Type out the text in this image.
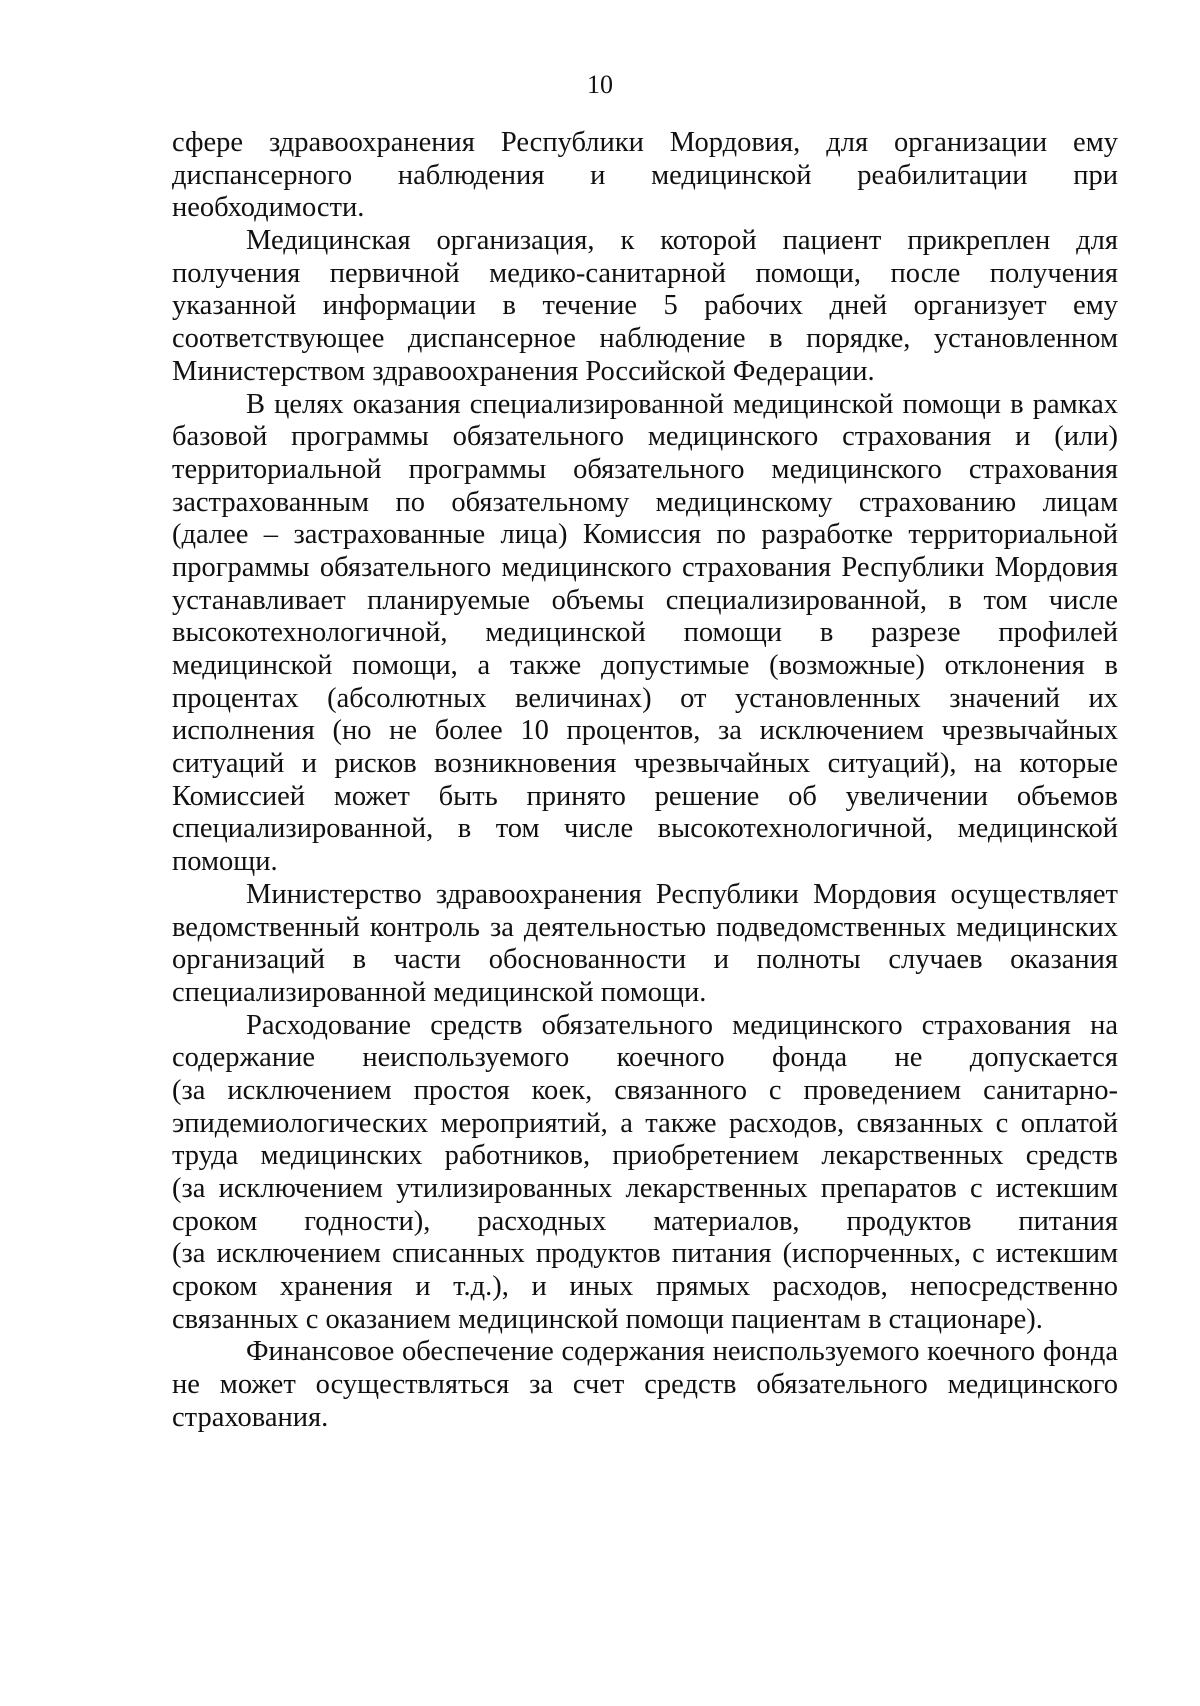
10
сфере здравоохранения Республики Мордовия, для организации ему
диспансерного наблюдения и медицинской реабилитации при
необходимости.
Медицинская организация, к которой пациент прикреплен для
получения первичной медико-санитарной помощи, после получения
указанной информации в течение 5 рабочих дней организует ему
соответствующее диспансерное наблюдение в порядке, установленном
Министерством здравоохранения Российской Федерации.
В целях оказания специализированной медицинской помощи в рамках
базовой программы обязательного медицинского страхования и (или)
территориальной программы обязательного медицинского страхования
застрахованным по обязательному медицинскому страхованию лицам
(далее – застрахованные лица) Комиссия по разработке территориальной
программы обязательного медицинского страхования Республики Мордовия
устанавливает планируемые объемы специализированной, в том числе
высокотехнологичной, медицинской помощи в разрезе профилей
медицинской помощи, а также допустимые (возможные) отклонения в
процентах (абсолютных величинах) от установленных значений их
исполнения (но не более 10 процентов, за исключением чрезвычайных
ситуаций и рисков возникновения чрезвычайных ситуаций), на которые
Комиссией может быть принято решение об увеличении объемов
специализированной, в том числе высокотехнологичной, медицинской
помощи.
Министерство здравоохранения Республики Мордовия осуществляет
ведомственный контроль за деятельностью подведомственных медицинских
организаций в части обоснованности и полноты случаев оказания
специализированной медицинской помощи.
Расходование средств обязательного медицинского страхования на
содержание неиспользуемого коечного фонда не допускается
(за исключением простоя коек, связанного с проведением санитарно-
эпидемиологических мероприятий, а также расходов, связанных с оплатой
труда медицинских работников, приобретением лекарственных средств
(за исключением утилизированных лекарственных препаратов с истекшим
сроком годности), расходных материалов, продуктов питания
(за исключением списанных продуктов питания (испорченных, с истекшим
сроком хранения и т.д.), и иных прямых расходов, непосредственно
связанных с оказанием медицинской помощи пациентам в стационаре).
Финансовое обеспечение содержания неиспользуемого коечного фонда
не может осуществляться за счет средств обязательного медицинского
страхования.
